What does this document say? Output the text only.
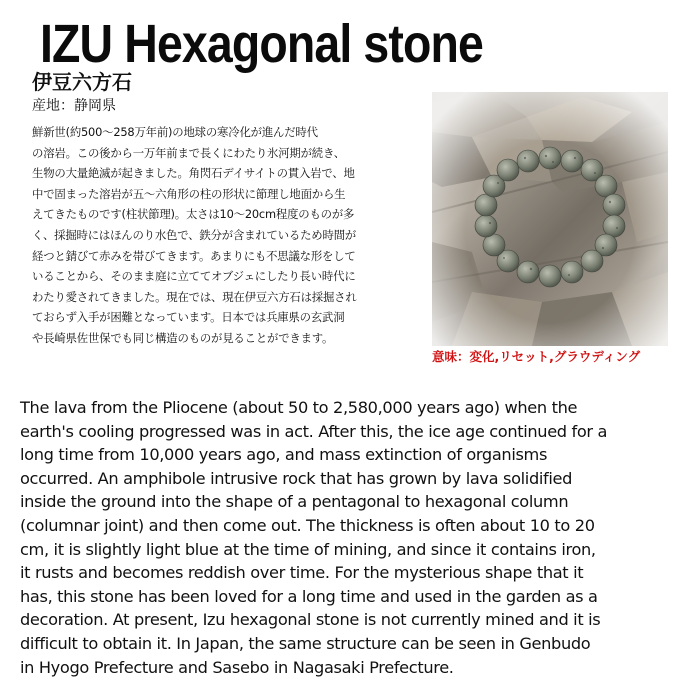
IZU Hexagonal stone
伊豆六方石
産地：静岡県

鮮新世(約500～258万年前)の地球の寒冷化が進んだ時代
の溶岩。この後から一万年前まで長くにわたり氷河期が続き、
生物の大量絶滅が起きました。角閃石デイサイトの貫入岩で、地
中で固まった溶岩が五～六角形の柱の形状に節理し地面から生
えてきたものです(柱状節理)。太さは10～20cm程度のものが多
く、採掘時にはほんのり水色で、鉄分が含まれているため時間が
経つと錆びて赤みを帯びてきます。あまりにも不思議な形をして
いることから、そのまま庭に立ててオブジェにしたり長い時代に
わたり愛されてきました。現在では、現在伊豆六方石は採掘され
ておらず入手が困難となっています。日本では兵庫県の玄武洞
や長崎県佐世保でも同じ構造のものが見ることができます。

意味：変化,リセット,グラウディング

The lava from the Pliocene (about 50 to 2,580,000 years ago) when the
earth's cooling progressed was in act. After this, the ice age continued for a
long time from 10,000 years ago, and mass extinction of organisms
occurred. An amphibole intrusive rock that has grown by lava solidified
inside the ground into the shape of a pentagonal to hexagonal column
(columnar joint) and then come out. The thickness is often about 10 to 20
cm, it is slightly light blue at the time of mining, and since it contains iron,
it rusts and becomes reddish over time. For the mysterious shape that it
has, this stone has been loved for a long time and used in the garden as a
decoration. At present, Izu hexagonal stone is not currently mined and it is
difficult to obtain it. In Japan, the same structure can be seen in Genbudo
in Hyogo Prefecture and Sasebo in Nagasaki Prefecture.
